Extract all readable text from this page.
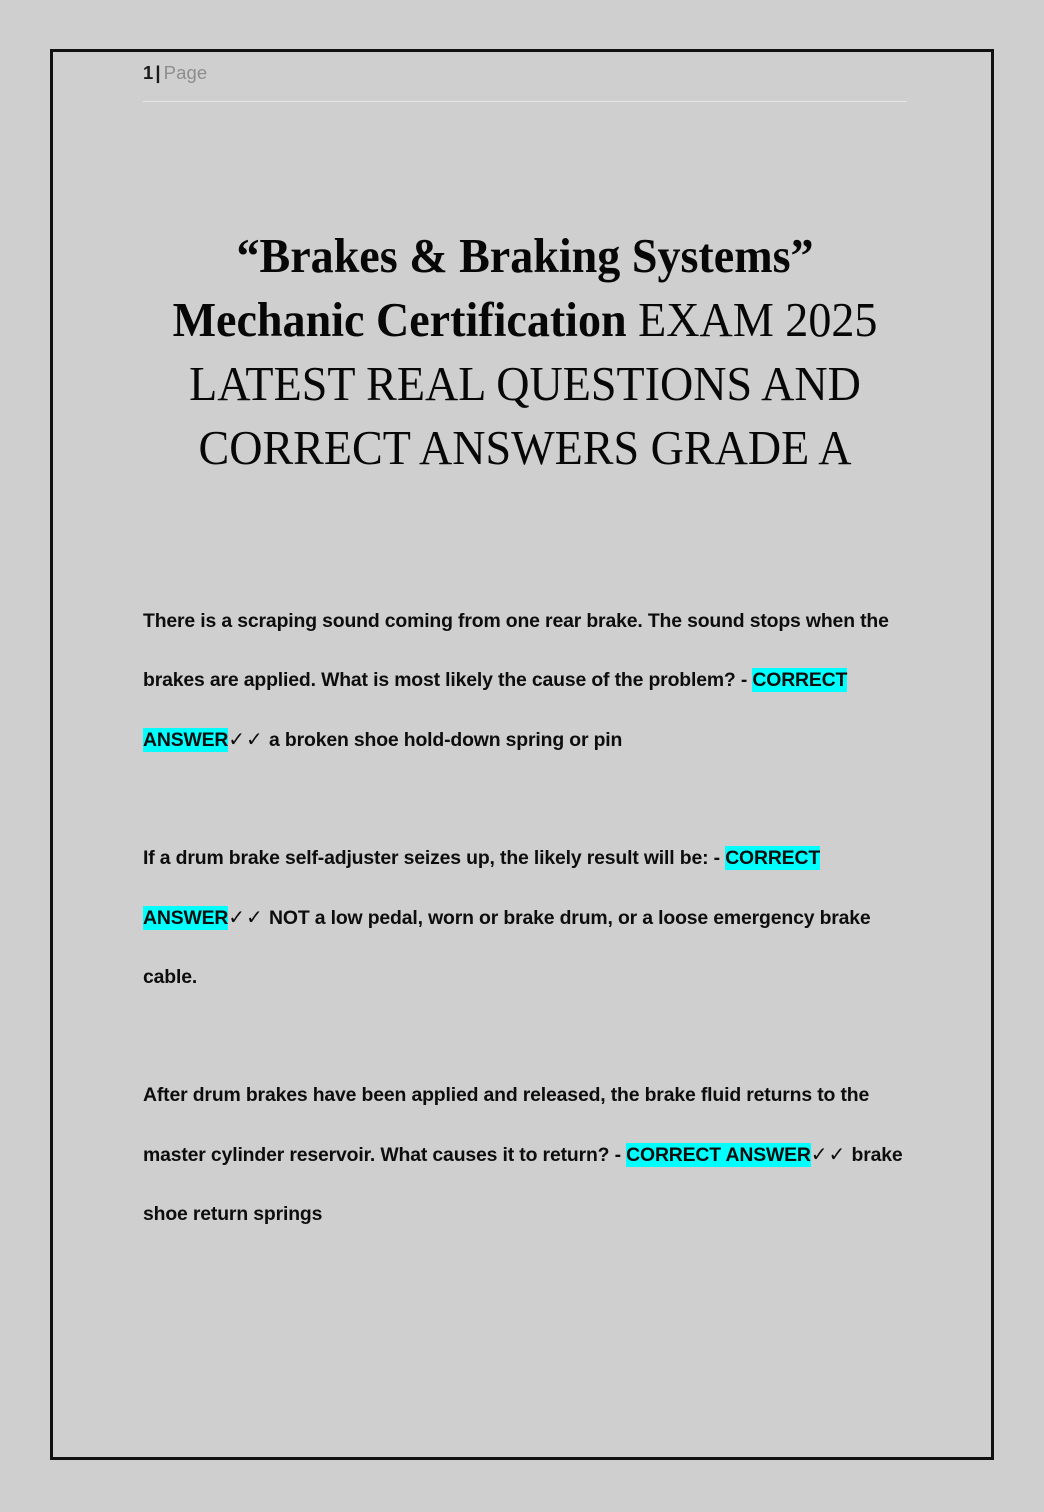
1 | Page
“Brakes & Braking Systems” Mechanic Certification EXAM 2025 LATEST REAL QUESTIONS AND CORRECT ANSWERS GRADE A

There is a scraping sound coming from one rear brake. The sound stops when the brakes are applied. What is most likely the cause of the problem? - CORRECT ANSWER✓✓ a broken shoe hold-down spring or pin

If a drum brake self-adjuster seizes up, the likely result will be: - CORRECT ANSWER✓✓ NOT a low pedal, worn or brake drum, or a loose emergency brake cable.

After drum brakes have been applied and released, the brake fluid returns to the master cylinder reservoir. What causes it to return? - CORRECT ANSWER✓✓ brake shoe return springs
